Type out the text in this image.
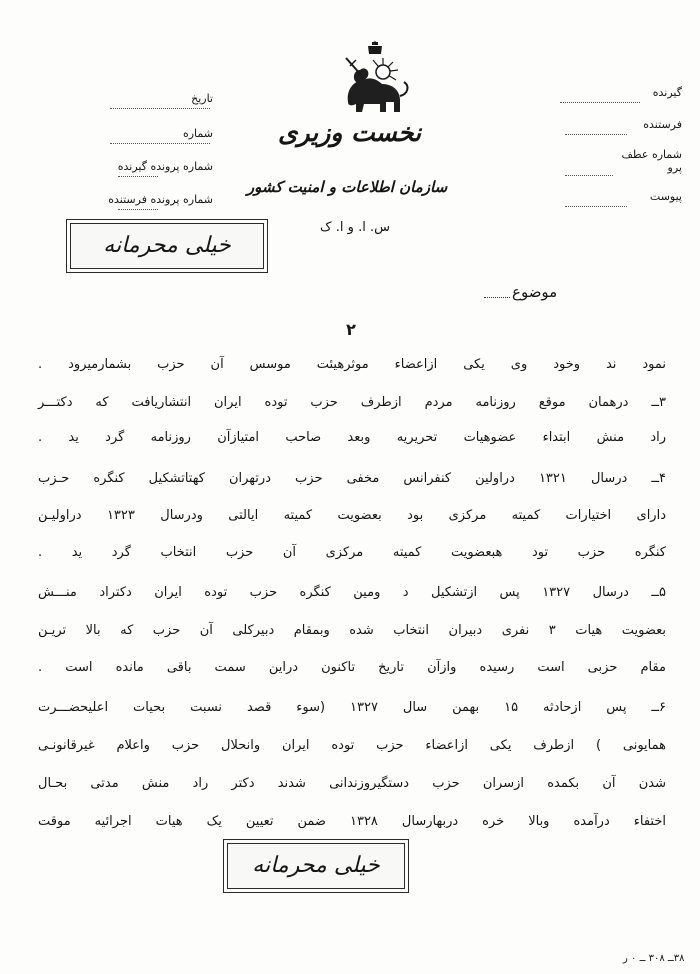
تاریخ
شماره
شماره پرونده گیرنده
شماره پرونده فرستنده
گیرنده
فرستنده
شماره عطف پرو
پیوست
نخست وزیری
سازمان اطلاعات و امنیت کشور
س. ا. و ا. ک
خیلی محرمانه
موضوع
۲
نمود ند وخود وی یکی ازاعضاء موثرهیئت موسس آن حزب بشمارمیرود .
۳ــ درهمان موقع روزنامه مردم ازطرف حزب توده ایران انتشاریافت که دکتـــر
راد منش ابتداء عضوهیات تحریریه وبعد صاحب امتیازآن روزنامه گرد ید .
۴ــ درسال ۱۳۲۱ دراولین کنفرانس مخفی حزب درتهران کهتاتشکیل کنگره حـزب
دارای اختیارات کمیته مرکزی بود بعضویت کمیته ایالتی ودرسال ۱۳۲۳ دراولیـن
کنگره حزب تود هبعضویت کمیته مرکزی آن حزب انتخاب گرد ید .
۵ــ درسال ۱۳۲۷ پس ازتشکیل د ومین کنگره حزب توده ایران دکتراد منـــش
بعضویت هیات ۳ نفری دبیران انتخاب شده وبمقام دبیرکلی آن حزب که بالا تریـن
مقام حزبی است رسیده وازآن تاریخ تاکنون دراین سمت باقی مانده است .
۶ــ پس ازحادثه ۱۵ بهمن سال ۱۳۲۷ (سوء قصد نسبت بحیات اعلیحضـــرت
همایونی ) ازطرف یکی ازاعضاء حزب توده ایران وانحلال حزب واعلام غیرقانونـی
شدن آن بکمده ازسران حزب دستگیروزندانی شدند دکتر راد منش مدتی بحـال
اختفاء درآمده وبالا خره دربهارسال ۱۳۲۸ ضمن تعیین یک هیات اجرائیه موقت
خیلی محرمانه
۳۸ــ ۳۰۸ ــ ۰ ر
